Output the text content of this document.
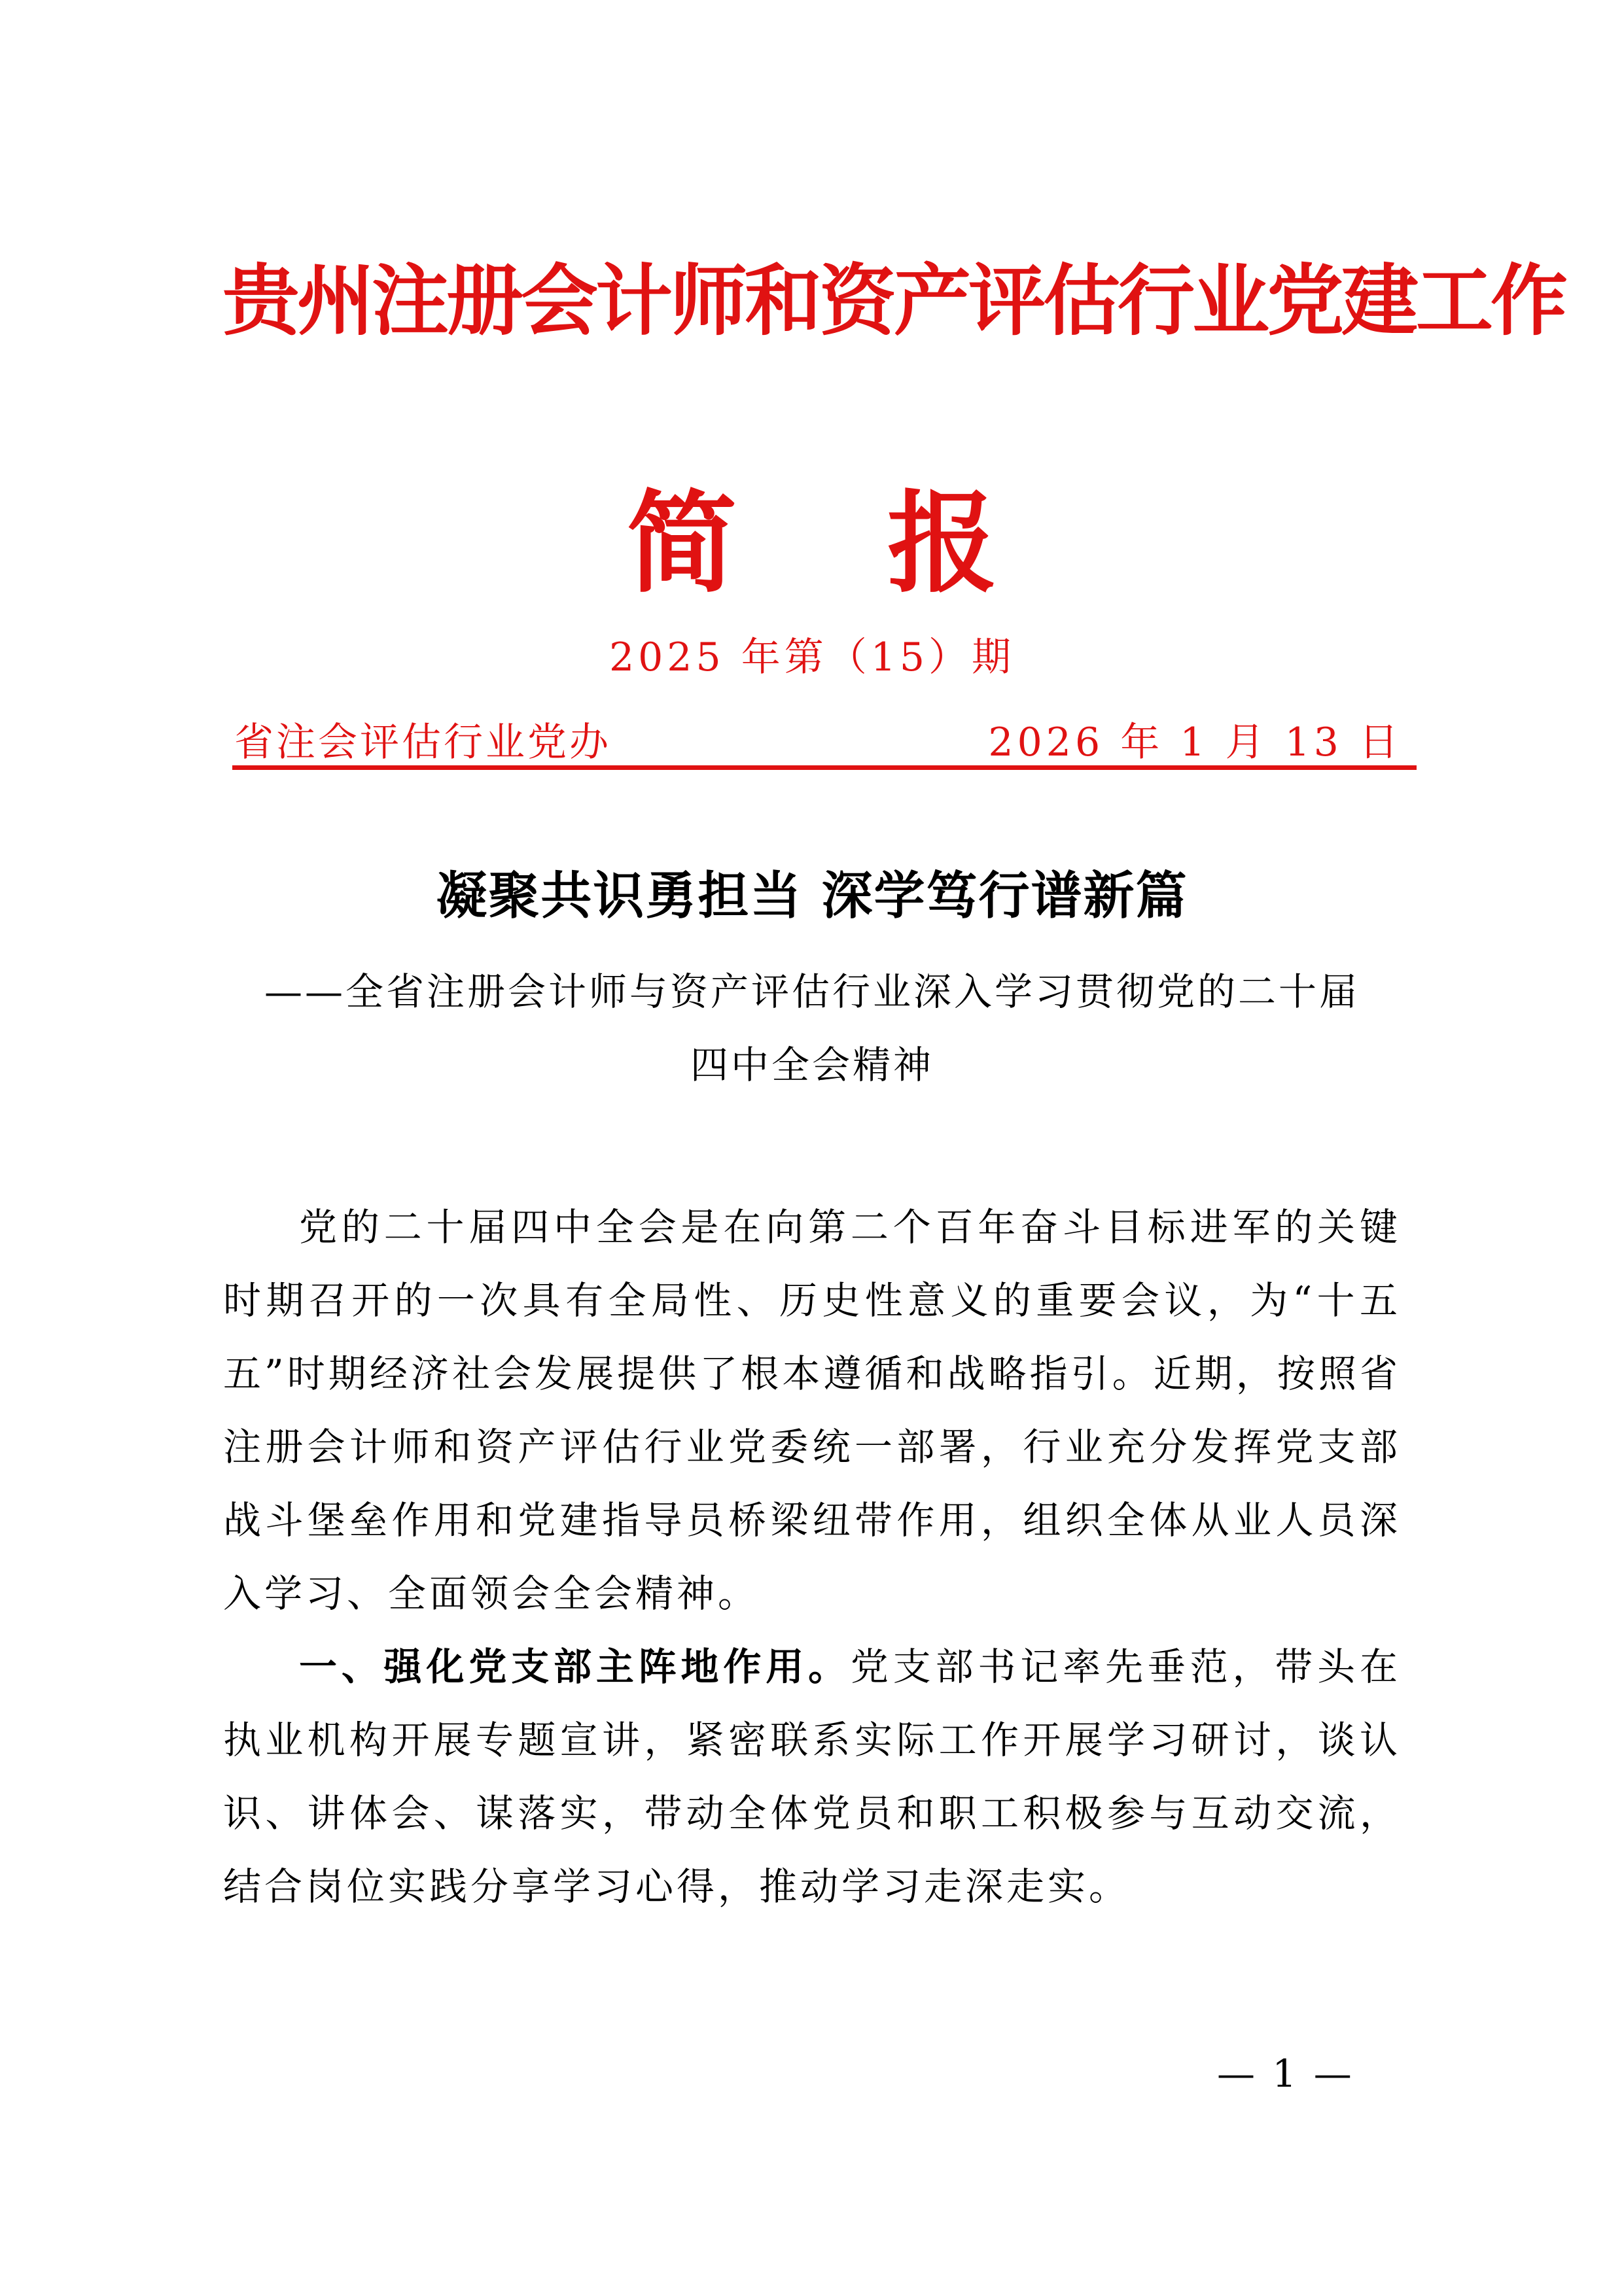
贵州注册会计师和资产评估行业党建工作
简报
2025 年第（15）期
省注会评估行业党办	2026 年 1 月 13 日
凝聚共识勇担当 深学笃行谱新篇
——全省注册会计师与资产评估行业深入学习贯彻党的二十届
四中全会精神

党的二十届四中全会是在向第二个百年奋斗目标进军的关键时期召开的一次具有全局性、历史性意义的重要会议，为“十五五”时期经济社会发展提供了根本遵循和战略指引。近期，按照省注册会计师和资产评估行业党委统一部署，行业充分发挥党支部战斗堡垒作用和党建指导员桥梁纽带作用，组织全体从业人员深入学习、全面领会全会精神。

一、强化党支部主阵地作用。党支部书记率先垂范，带头在执业机构开展专题宣讲，紧密联系实际工作开展学习研讨，谈认识、讲体会、谋落实，带动全体党员和职工积极参与互动交流，结合岗位实践分享学习心得，推动学习走深走实。

— 1 —
